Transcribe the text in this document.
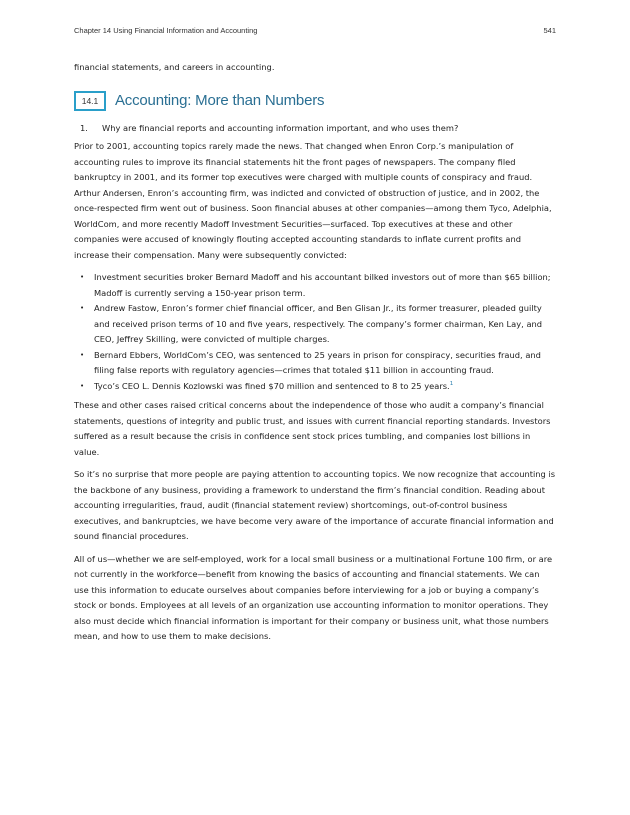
Chapter 14 Using Financial Information and Accounting	541

financial statements, and careers in accounting.

14.1	Accounting: More than Numbers
1.	Why are financial reports and accounting information important, and who uses them?

Prior to 2001, accounting topics rarely made the news. That changed when Enron Corp.’s manipulation of accounting rules to improve its financial statements hit the front pages of newspapers. The company filed bankruptcy in 2001, and its former top executives were charged with multiple counts of conspiracy and fraud. Arthur Andersen, Enron’s accounting firm, was indicted and convicted of obstruction of justice, and in 2002, the once-respected firm went out of business. Soon financial abuses at other companies—among them Tyco, Adelphia, WorldCom, and more recently Madoff Investment Securities—surfaced. Top executives at these and other companies were accused of knowingly flouting accepted accounting standards to inflate current profits and increase their compensation. Many were subsequently convicted:

• Investment securities broker Bernard Madoff and his accountant bilked investors out of more than $65 billion; Madoff is currently serving a 150-year prison term.
• Andrew Fastow, Enron’s former chief financial officer, and Ben Glisan Jr., its former treasurer, pleaded guilty and received prison terms of 10 and five years, respectively. The company’s former chairman, Ken Lay, and CEO, Jeffrey Skilling, were convicted of multiple charges.
• Bernard Ebbers, WorldCom’s CEO, was sentenced to 25 years in prison for conspiracy, securities fraud, and filing false reports with regulatory agencies—crimes that totaled $11 billion in accounting fraud.
• Tyco’s CEO L. Dennis Kozlowski was fined $70 million and sentenced to 8 to 25 years.$^1$

These and other cases raised critical concerns about the independence of those who audit a company’s financial statements, questions of integrity and public trust, and issues with current financial reporting standards. Investors suffered as a result because the crisis in confidence sent stock prices tumbling, and companies lost billions in value.

So it’s no surprise that more people are paying attention to accounting topics. We now recognize that accounting is the backbone of any business, providing a framework to understand the firm’s financial condition. Reading about accounting irregularities, fraud, audit (financial statement review) shortcomings, out-of-control business executives, and bankruptcies, we have become very aware of the importance of accurate financial information and sound financial procedures.

All of us—whether we are self-employed, work for a local small business or a multinational Fortune 100 firm, or are not currently in the workforce—benefit from knowing the basics of accounting and financial statements. We can use this information to educate ourselves about companies before interviewing for a job or buying a company’s stock or bonds. Employees at all levels of an organization use accounting information to monitor operations. They also must decide which financial information is important for their company or business unit, what those numbers mean, and how to use them to make decisions.
